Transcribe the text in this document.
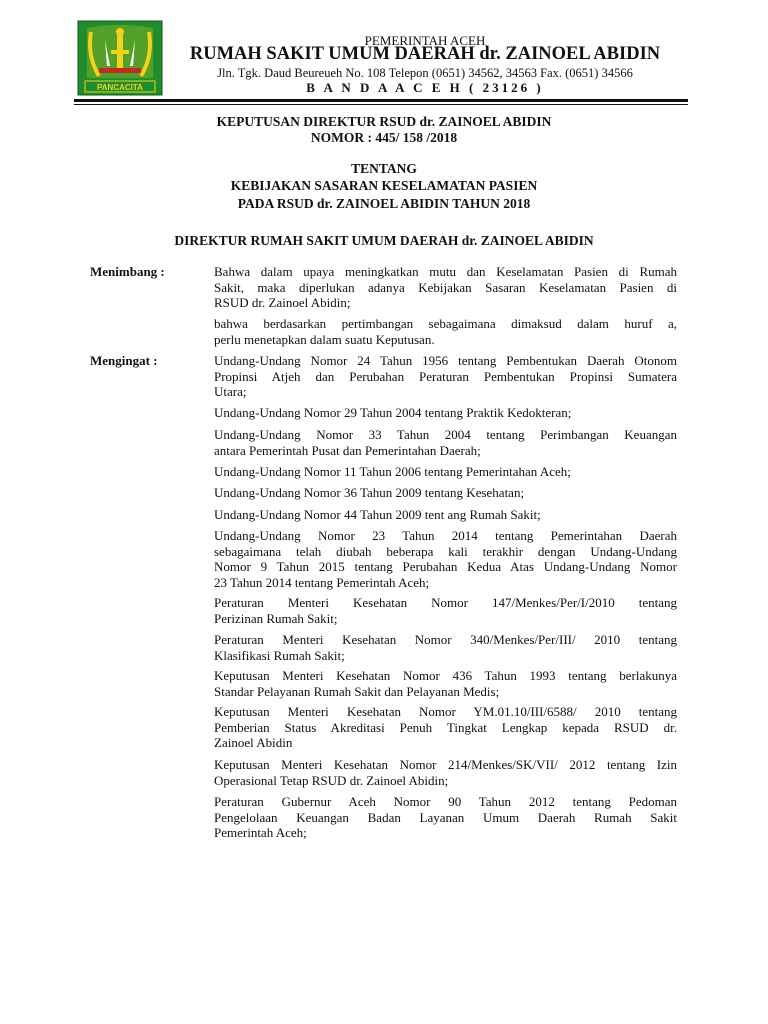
PANCACITA
PEMERINTAH ACEH
RUMAH SAKIT UMUM DAERAH dr. ZAINOEL ABIDIN
Jln. Tgk. Daud Beureueh No. 108 Telepon (0651) 34562, 34563 Fax. (0651) 34566
B A N D A A C E H ( 23126 )
KEPUTUSAN DIREKTUR RSUD dr. ZAINOEL ABIDIN
NOMOR : 445/ 158 /2018
TENTANG
KEBIJAKAN SASARAN KESELAMATAN PASIEN
PADA RSUD dr. ZAINOEL ABIDIN TAHUN 2018
DIREKTUR RUMAH SAKIT UMUM DAERAH dr. ZAINOEL ABIDIN
Menimbang :
Mengingat :
Bahwa dalam upaya meningkatkan mutu dan Keselamatan Pasien di Rumah
Sakit, maka diperlukan adanya Kebijakan Sasaran Keselamatan Pasien di
RSUD dr. Zainoel Abidin;
bahwa berdasarkan pertimbangan sebagaimana dimaksud dalam huruf a,
perlu menetapkan dalam suatu Keputusan.
Undang-Undang Nomor 24 Tahun 1956 tentang Pembentukan Daerah Otonom
Propinsi Atjeh dan Perubahan Peraturan Pembentukan Propinsi Sumatera
Utara;
Undang-Undang Nomor 29 Tahun 2004 tentang Praktik Kedokteran;
Undang-Undang Nomor 33 Tahun 2004 tentang Perimbangan Keuangan
antara Pemerintah Pusat dan Pemerintahan Daerah;
Undang-Undang Nomor 11 Tahun 2006 tentang Pemerintahan Aceh;
Undang-Undang Nomor 36 Tahun 2009 tentang Kesehatan;
Undang-Undang Nomor 44 Tahun 2009 tent ang Rumah Sakit;
Undang-Undang Nomor 23 Tahun 2014 tentang Pemerintahan Daerah
sebagaimana telah diubah beberapa kali terakhir dengan Undang-Undang
Nomor 9 Tahun 2015 tentang Perubahan Kedua Atas Undang-Undang Nomor
23 Tahun 2014 tentang Pemerintah Aceh;
Peraturan Menteri Kesehatan Nomor 147/Menkes/Per/I/2010 tentang
Perizinan Rumah Sakit;
Peraturan Menteri Kesehatan Nomor 340/Menkes/Per/III/ 2010 tentang
Klasifikasi Rumah Sakit;
Keputusan Menteri Kesehatan Nomor 436 Tahun 1993 tentang berlakunya
Standar Pelayanan Rumah Sakit dan Pelayanan Medis;
Keputusan Menteri Kesehatan Nomor YM.01.10/III/6588/ 2010 tentang
Pemberian Status Akreditasi Penuh Tingkat Lengkap kepada RSUD dr.
Zainoel Abidin
Keputusan Menteri Kesehatan Nomor 214/Menkes/SK/VII/ 2012 tentang Izin
Operasional Tetap RSUD dr. Zainoel Abidin;
Peraturan Gubernur Aceh Nomor 90 Tahun 2012 tentang Pedoman
Pengelolaan Keuangan Badan Layanan Umum Daerah Rumah Sakit
Pemerintah Aceh;
